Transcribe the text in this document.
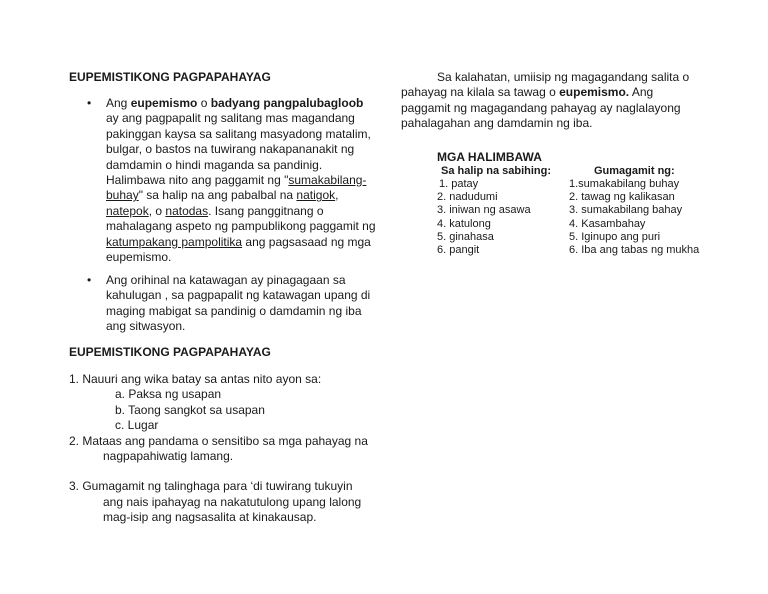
EUPEMISTIKONG PAGPAPAHAYAG
• Ang eupemismo o badyang pangpalubagloob ay ang pagpapalit ng salitang mas magandang pakinggan kaysa sa salitang masyadong matalim, bulgar, o bastos na tuwirang nakapananakit ng damdamin o hindi maganda sa pandinig. Halimbawa nito ang paggamit ng "sumakabilang-buhay" sa halip na ang pabalbal na natigok, natepok, o natodas. Isang panggitnang o mahalagang aspeto ng pampublikong paggamit ng katumpakang pampolitika ang pagsasaad ng mga eupemismo.
• Ang orihinal na katawagan ay pinagagaan sa kahulugan , sa pagpapalit ng katawagan upang di maging mabigat sa pandinig o damdamin ng iba ang sitwasyon.
EUPEMISTIKONG PAGPAPAHAYAG
1. Nauuri ang wika batay sa antas nito ayon sa:
a. Paksa ng usapan
b. Taong sangkot sa usapan
c. Lugar
2. Mataas ang pandama o sensitibo sa mga pahayag na
nagpapahiwatig lamang.
3. Gumagamit ng talinghaga para ‘di tuwirang tukuyin
ang nais ipahayag na nakatutulong upang lalong
mag-isip ang nagsasalita at kinakausap.
Sa kalahatan, umiisip ng magagandang salita o pahayag na kilala sa tawag o eupemismo. Ang paggamit ng magagandang pahayag ay naglalayong pahalagahan ang damdamin ng iba.
MGA HALIMBAWA
Sa halip na sabihing:	Gumagamit ng:
1. patay
2. nadudumi
3. iniwan ng asawa
4. katulong
5. ginahasa
6. pangit
1.sumakabilang buhay
2. tawag ng kalikasan
3. sumakabilang bahay
4. Kasambahay
5. Iginupo ang puri
6. Iba ang tabas ng mukha
